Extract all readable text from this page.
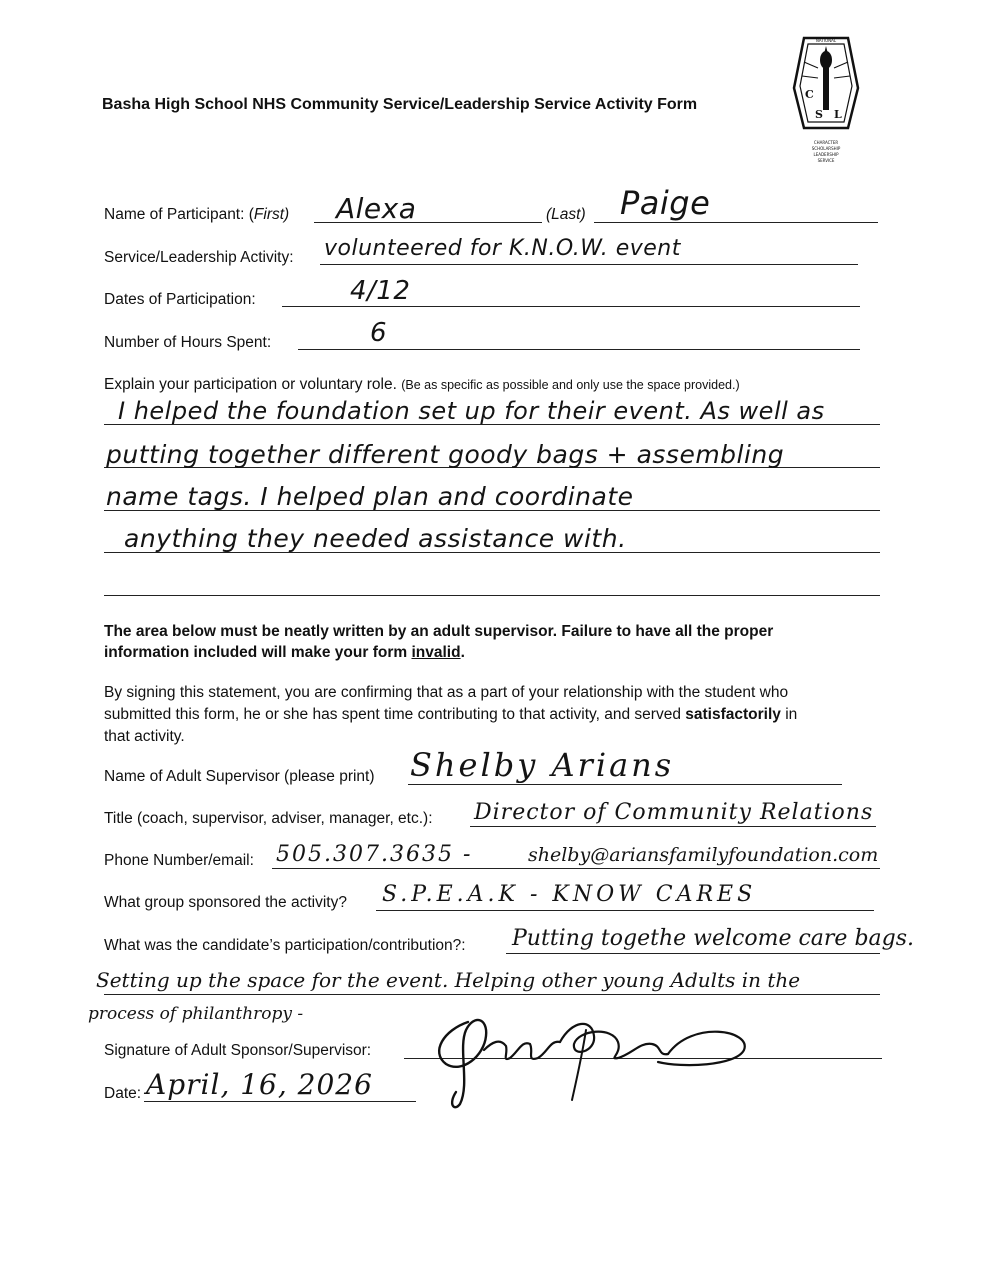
Basha High School NHS Community Service/Leadership Service Activity Form
C
S L
NATIONAL
CHARACTER
SCHOLARSHIP
LEADERSHIP
SERVICE
Name of Participant: (First) Alexa	(Last) Paige
Service/Leadership Activity: volunteered for K.N.O.W. event
Dates of Participation:	4/12
Number of Hours Spent:	6
Explain your participation or voluntary role. (Be as specific as possible and only use the space provided.)
I helped the foundation set up for their event. As well as
putting together different goody bags + assembling
name tags. I helped plan and coordinate
anything they needed assistance with.
The area below must be neatly written by an adult supervisor. Failure to have all the proper
information included will make your form invalid.
By signing this statement, you are confirming that as a part of your relationship with the student who
submitted this form, he or she has spent time contributing to that activity, and served satisfactorily in
that activity.
Name of Adult Supervisor (please print) Shelby Arians
Title (coach, supervisor, adviser, manager, etc.): Director of Community Relations
Phone Number/email: 505.307.3635 -	shelby@ariansfamilyfoundation.com
What group sponsored the activity? S.P.E.A.K - KNOW CARES
What was the candidate’s participation/contribution?: Putting togethe welcome care bags.
Setting up the space for the event. Helping other young Adults in the
process of philanthropy -
Signature of Adult Sponsor/Supervisor:
Date: April, 16, 2026
